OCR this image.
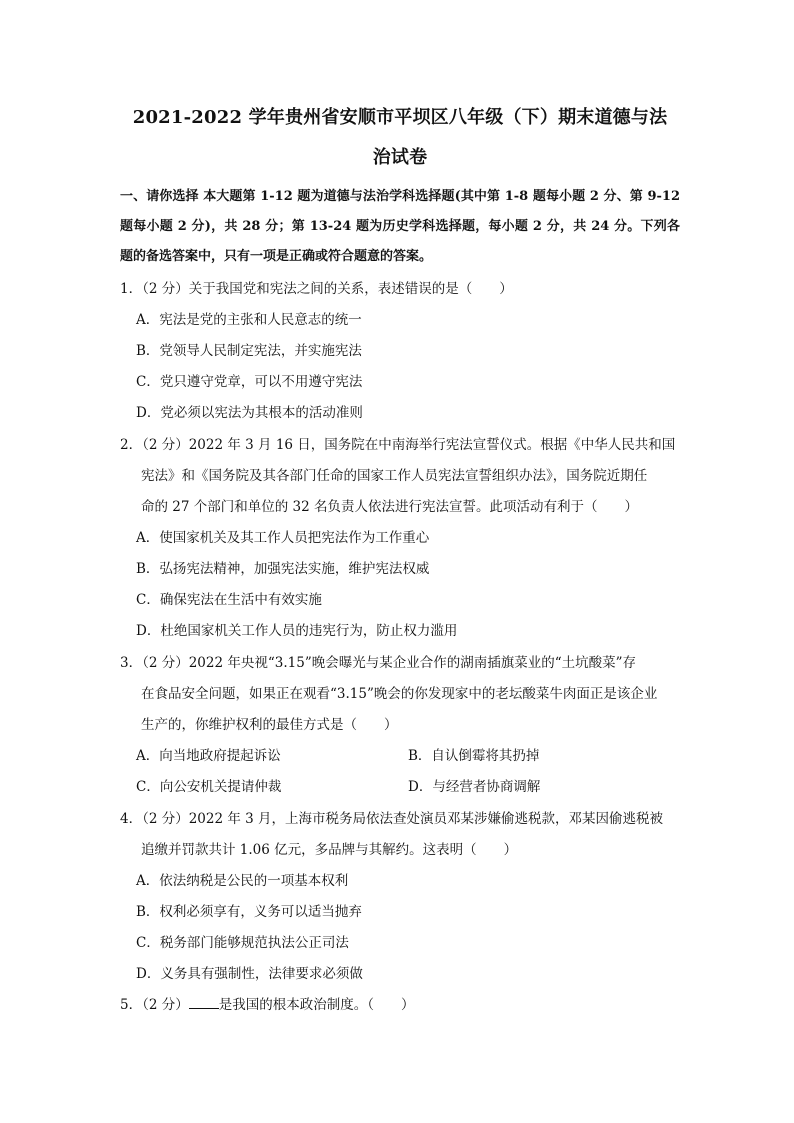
2021-2022 学年贵州省安顺市平坝区八年级（下）期末道德与法
治试卷
一、请你选择 本大题第 1-12 题为道德与法治学科选择题(其中第 1-8 题每小题 2 分、第 9-12 题每小题 2 分)，共 28 分；第 13-24 题为历史学科选择题，每小题 2 分，共 24 分。下列各题的备选答案中，只有一项是正确或符合题意的答案。

1．（2 分）关于我国党和宪法之间的关系，表述错误的是（　　）

A．宪法是党的主张和人民意志的统一

B．党领导人民制定宪法，并实施宪法

C．党只遵守党章，可以不用遵守宪法

D．党必须以宪法为其根本的活动准则

2．（2 分）2022 年 3 月 16 日，国务院在中南海举行宪法宣誓仪式。根据《中华人民共和国
宪法》和《国务院及其各部门任命的国家工作人员宪法宣誓组织办法》，国务院近期任
命的 27 个部门和单位的 32 名负责人依法进行宪法宣誓。此项活动有利于（　　）

A．使国家机关及其工作人员把宪法作为工作重心

B．弘扬宪法精神，加强宪法实施，维护宪法权威

C．确保宪法在生活中有效实施

D．杜绝国家机关工作人员的违宪行为，防止权力滥用

3．（2 分）2022 年央视“3.15”晚会曝光与某企业合作的湖南插旗菜业的“土坑酸菜”存
在食品安全问题，如果正在观看“3.15”晚会的你发现家中的老坛酸菜牛肉面正是该企业
生产的，你维护权利的最佳方式是（　　）

A．向当地政府提起诉讼	B．自认倒霉将其扔掉
C．向公安机关提请仲裁	D．与经营者协商调解

4．（2 分）2022 年 3 月，上海市税务局依法查处演员邓某涉嫌偷逃税款，邓某因偷逃税被
追缴并罚款共计 1.06 亿元，多品牌与其解约。这表明（　　）

A．依法纳税是公民的一项基本权利

B．权利必须享有，义务可以适当抛弃

C．税务部门能够规范执法公正司法

D．义务具有强制性，法律要求必须做

5．（2 分） 是我国的根本政治制度。（　　）
